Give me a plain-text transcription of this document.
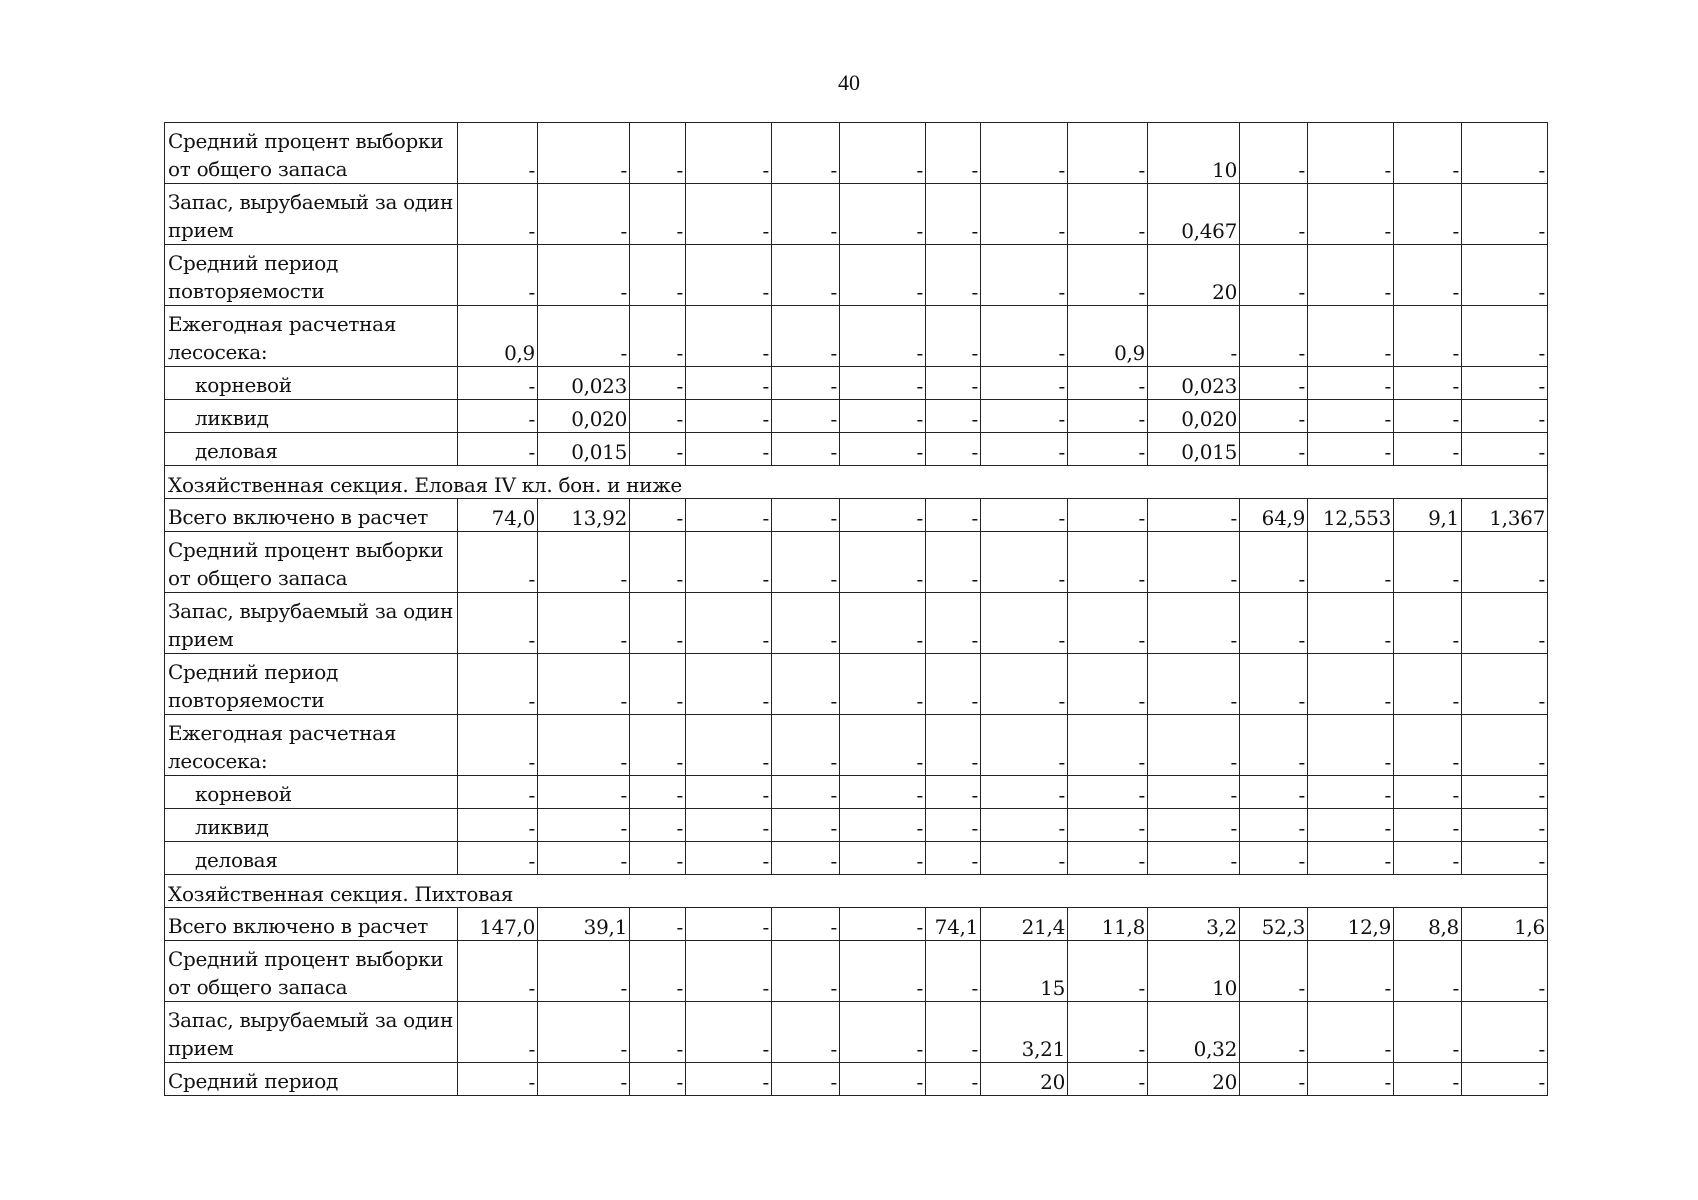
40
Средний процент выборки от общего запаса	-	-	-	-	-	-	-	-	-	10	-	-	-	-
Запас, вырубаемый за один прием	-	-	-	-	-	-	-	-	-	0,467	-	-	-	-
Средний период повторяемости	-	-	-	-	-	-	-	-	-	20	-	-	-	-
Ежегодная расчетная лесосека:	0,9	-	-	-	-	-	-	-	0,9	-	-	-	-	-
корневой	-	0,023	-	-	-	-	-	-	-	0,023	-	-	-	-
ликвид	-	0,020	-	-	-	-	-	-	-	0,020	-	-	-	-
деловая	-	0,015	-	-	-	-	-	-	-	0,015	-	-	-	-
Хозяйственная секция. Еловая IV кл. бон. и ниже														
Всего включено в расчет	74,0	13,92	-	-	-	-	-	-	-	-	64,9	12,553	9,1	1,367
Средний процент выборки от общего запаса	-	-	-	-	-	-	-	-	-	-	-	-	-	-
Запас, вырубаемый за один прием	-	-	-	-	-	-	-	-	-	-	-	-	-	-
Средний период повторяемости	-	-	-	-	-	-	-	-	-	-	-	-	-	-
Ежегодная расчетная лесосека:	-	-	-	-	-	-	-	-	-	-	-	-	-	-
корневой	-	-	-	-	-	-	-	-	-	-	-	-	-	-
ликвид	-	-	-	-	-	-	-	-	-	-	-	-	-	-
деловая	-	-	-	-	-	-	-	-	-	-	-	-	-	-
Хозяйственная секция. Пихтовая														
Всего включено в расчет	147,0	39,1	-	-	-	-	74,1	21,4	11,8	3,2	52,3	12,9	8,8	1,6
Средний процент выборки от общего запаса	-	-	-	-	-	-	-	15	-	10	-	-	-	-
Запас, вырубаемый за один прием	-	-	-	-	-	-	-	3,21	-	0,32	-	-	-	-
Средний период	-	-	-	-	-	-	-	20	-	20	-	-	-	-
